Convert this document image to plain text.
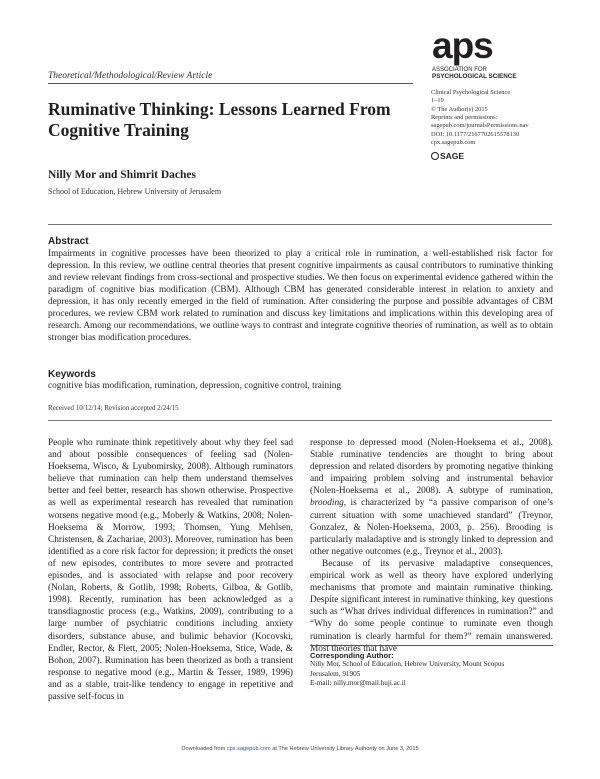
Theoretical/Methodological/Review Article
aps
ASSOCIATION FOR
PSYCHOLOGICAL SCIENCE
Clinical Psychological Science
1–19
© The Author(s) 2015
Reprints and permissions:
sagepub.com/journalsPermissions.nav
DOI: 10.1177/2167702615578130
cpx.sagepub.com
SAGE
Ruminative Thinking: Lessons Learned From Cognitive Training
Nilly Mor and Shimrit Daches
School of Education, Hebrew University of Jerusalem
Abstract
Impairments in cognitive processes have been theorized to play a critical role in rumination, a well-established risk factor for depression. In this review, we outline central theories that present cognitive impairments as causal contributors to ruminative thinking and review relevant findings from cross-sectional and prospective studies. We then focus on experimental evidence gathered within the paradigm of cognitive bias modification (CBM). Although CBM has generated considerable interest in relation to anxiety and depression, it has only recently emerged in the field of rumination. After considering the purpose and possible advantages of CBM procedures, we review CBM work related to rumination and discuss key limitations and implications within this developing area of research. Among our recommendations, we outline ways to contrast and integrate cognitive theories of rumination, as well as to obtain stronger bias modification procedures.
Keywords
cognitive bias modification, rumination, depression, cognitive control, training
Received 10/12/14; Revision accepted 2/24/15

People who ruminate think repetitively about why they feel sad and about possible consequences of feeling sad (Nolen-Hoeksema, Wisco, & Lyubomirsky, 2008). Although ruminators believe that rumination can help them understand themselves better and feel better, research has shown otherwise. Prospective as well as experimental research has revealed that rumination worsens negative mood (e.g., Moberly & Watkins, 2008; Nolen-Hoeksema & Morrow, 1993; Thomsen, Yung Mehlsen, Christensen, & Zachariae, 2003). Moreover, rumination has been identified as a core risk factor for depression; it predicts the onset of new episodes, contributes to more severe and protracted episodes, and is associated with relapse and poor recovery (Nolan, Roberts, & Gotlib, 1998; Roberts, Gilboa, & Gotlib, 1998). Recently, rumination has been acknowledged as a transdiagnostic process (e.g., Watkins, 2009), contributing to a large number of psychiatric conditions including anxiety disorders, substance abuse, and bulimic behavior (Kocovski, Endler, Rector, & Flett, 2005; Nolen-Hoeksema, Stice, Wade, & Bohon, 2007). Rumination has been theorized as both a transient response to negative mood (e.g., Martin & Tesser, 1989, 1996) and as a stable, trait-like tendency to engage in repetitive and passive self-focus in

response to depressed mood (Nolen-Hoeksema et al., 2008). Stable ruminative tendencies are thought to bring about depression and related disorders by promoting negative thinking and impairing problem solving and instrumental behavior (Nolen-Hoeksema et al., 2008). A subtype of rumination, brooding, is characterized by “a passive comparison of one’s current situation with some unachieved standard” (Treynor, Gonzalez, & Nolen-Hoeksema, 2003, p. 256). Brooding is particularly maladaptive and is strongly linked to depression and other negative outcomes (e.g., Treynor et al., 2003).

Because of its pervasive maladaptive consequences, empirical work as well as theory have explored underlying mechanisms that promote and maintain ruminative thinking. Despite significant interest in ruminative thinking, key questions such as “What drives individual differences in rumination?” and “Why do some people continue to ruminate even though rumination is clearly harmful for them?” remain unanswered. Most theories that have

Corresponding Author:
Nilly Mor, School of Education, Hebrew University, Mount Scopus
Jerusalem, 91905
E-mail: nilly.mor@mail.huji.ac.il
Downloaded from cpx.sagepub.com at The Hebrew University Library Authority on June 3, 2015
